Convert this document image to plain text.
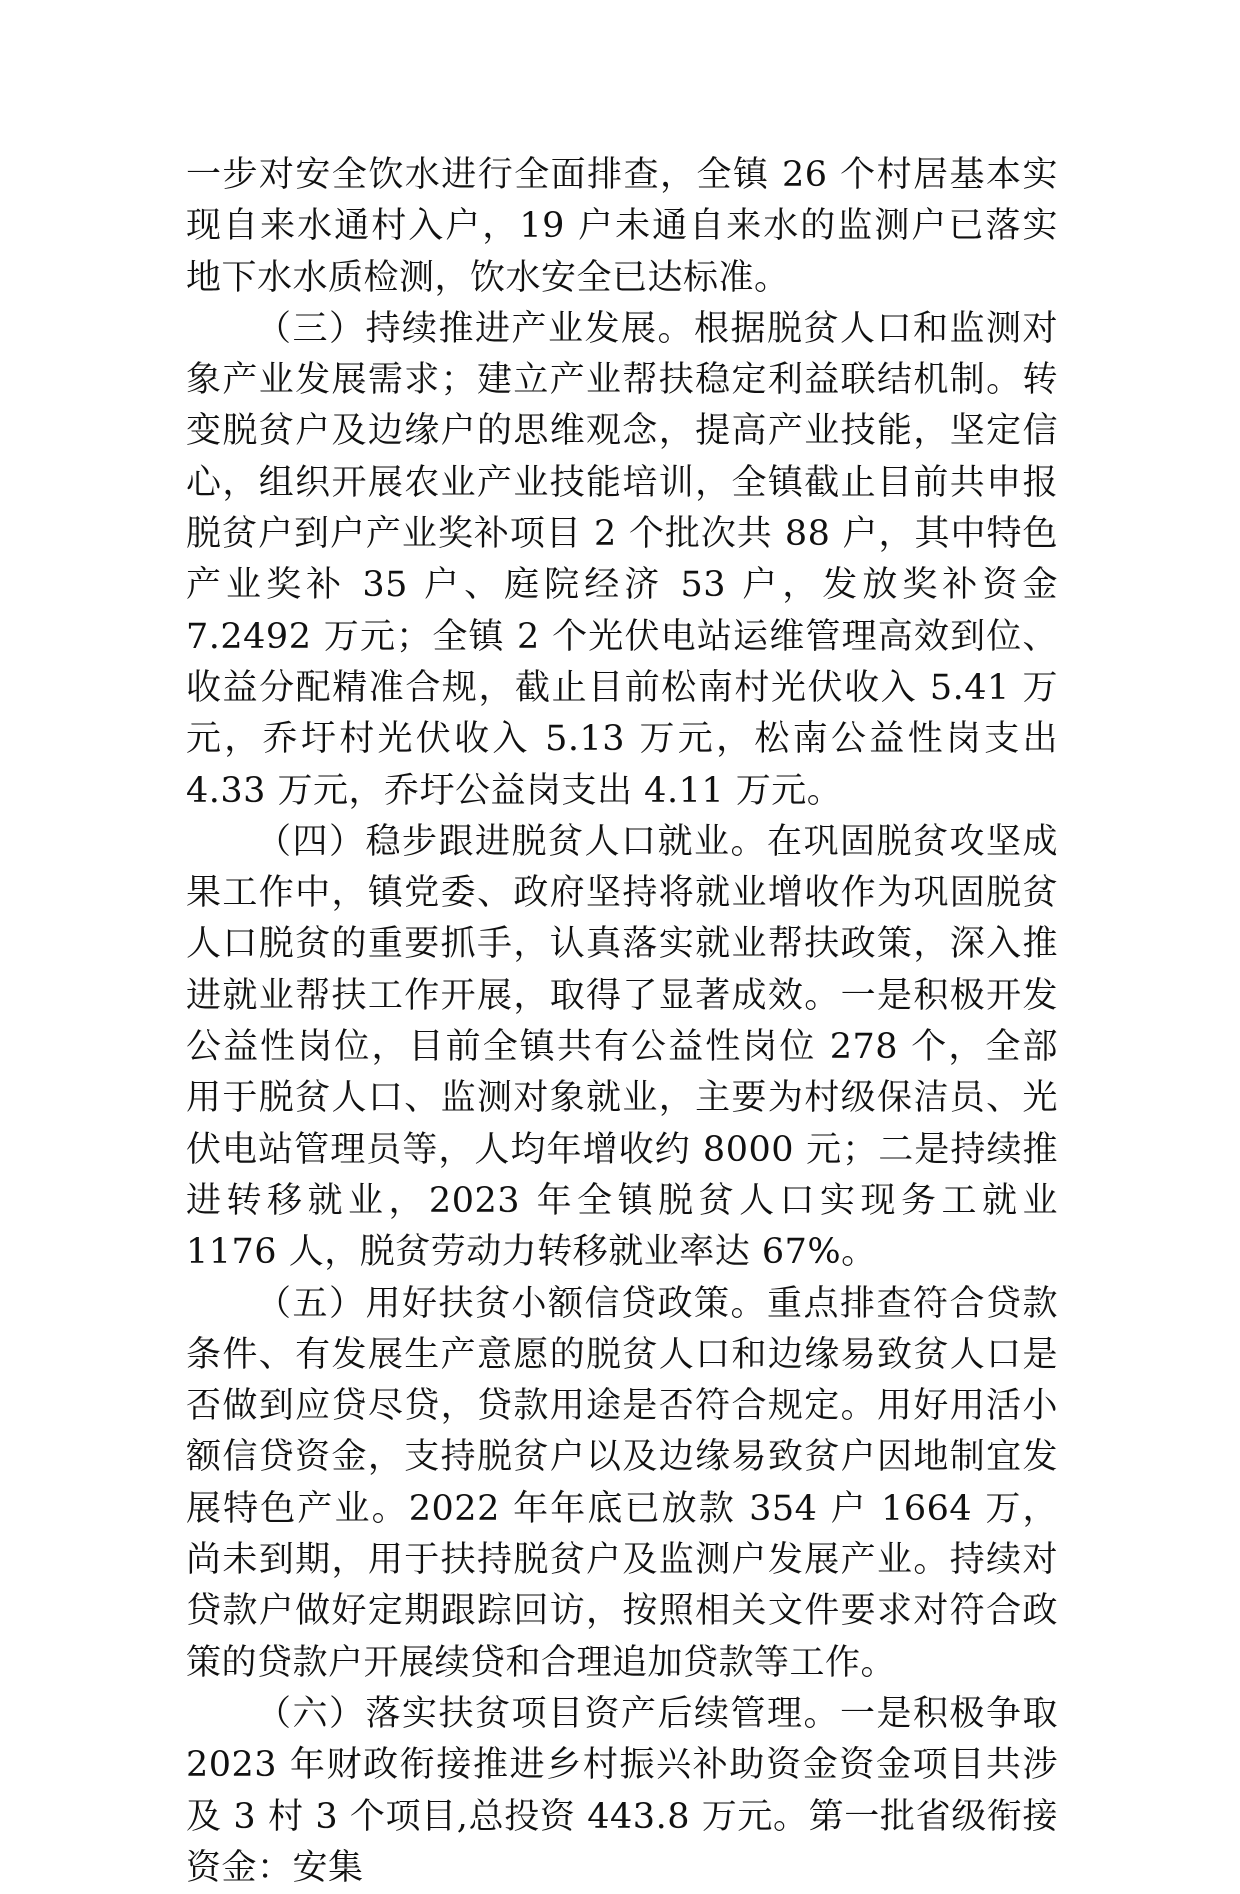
一步对安全饮水进行全面排查，全镇 26 个村居基本实现自来水通村入户，19 户未通自来水的监测户已落实地下水水质检测，饮水安全已达标准。

（三）持续推进产业发展。根据脱贫人口和监测对象产业发展需求；建立产业帮扶稳定利益联结机制。转变脱贫户及边缘户的思维观念，提高产业技能，坚定信心，组织开展农业产业技能培训，全镇截止目前共申报脱贫户到户产业奖补项目 2 个批次共 88 户，其中特色产业奖补 35 户、庭院经济 53 户，发放奖补资金 7.2492 万元；全镇 2 个光伏电站运维管理高效到位、收益分配精准合规，截止目前松南村光伏收入 5.41 万元，乔圩村光伏收入 5.13 万元，松南公益性岗支出 4.33 万元，乔圩公益岗支出 4.11 万元。

（四）稳步跟进脱贫人口就业。在巩固脱贫攻坚成果工作中，镇党委、政府坚持将就业增收作为巩固脱贫人口脱贫的重要抓手，认真落实就业帮扶政策，深入推进就业帮扶工作开展，取得了显著成效。一是积极开发公益性岗位，目前全镇共有公益性岗位 278 个，全部用于脱贫人口、监测对象就业，主要为村级保洁员、光伏电站管理员等，人均年增收约 8000 元；二是持续推进转移就业，2023 年全镇脱贫人口实现务工就业 1176 人，脱贫劳动力转移就业率达 67%。

（五）用好扶贫小额信贷政策。重点排查符合贷款条件、有发展生产意愿的脱贫人口和边缘易致贫人口是否做到应贷尽贷，贷款用途是否符合规定。用好用活小额信贷资金，支持脱贫户以及边缘易致贫户因地制宜发展特色产业。2022 年年底已放款 354 户 1664 万，尚未到期，用于扶持脱贫户及监测户发展产业。持续对贷款户做好定期跟踪回访，按照相关文件要求对符合政策的贷款户开展续贷和合理追加贷款等工作。

（六）落实扶贫项目资产后续管理。一是积极争取 2023 年财政衔接推进乡村振兴补助资金资金项目共涉及 3 村 3 个项目,总投资 443.8 万元。第一批省级衔接资金：安集
